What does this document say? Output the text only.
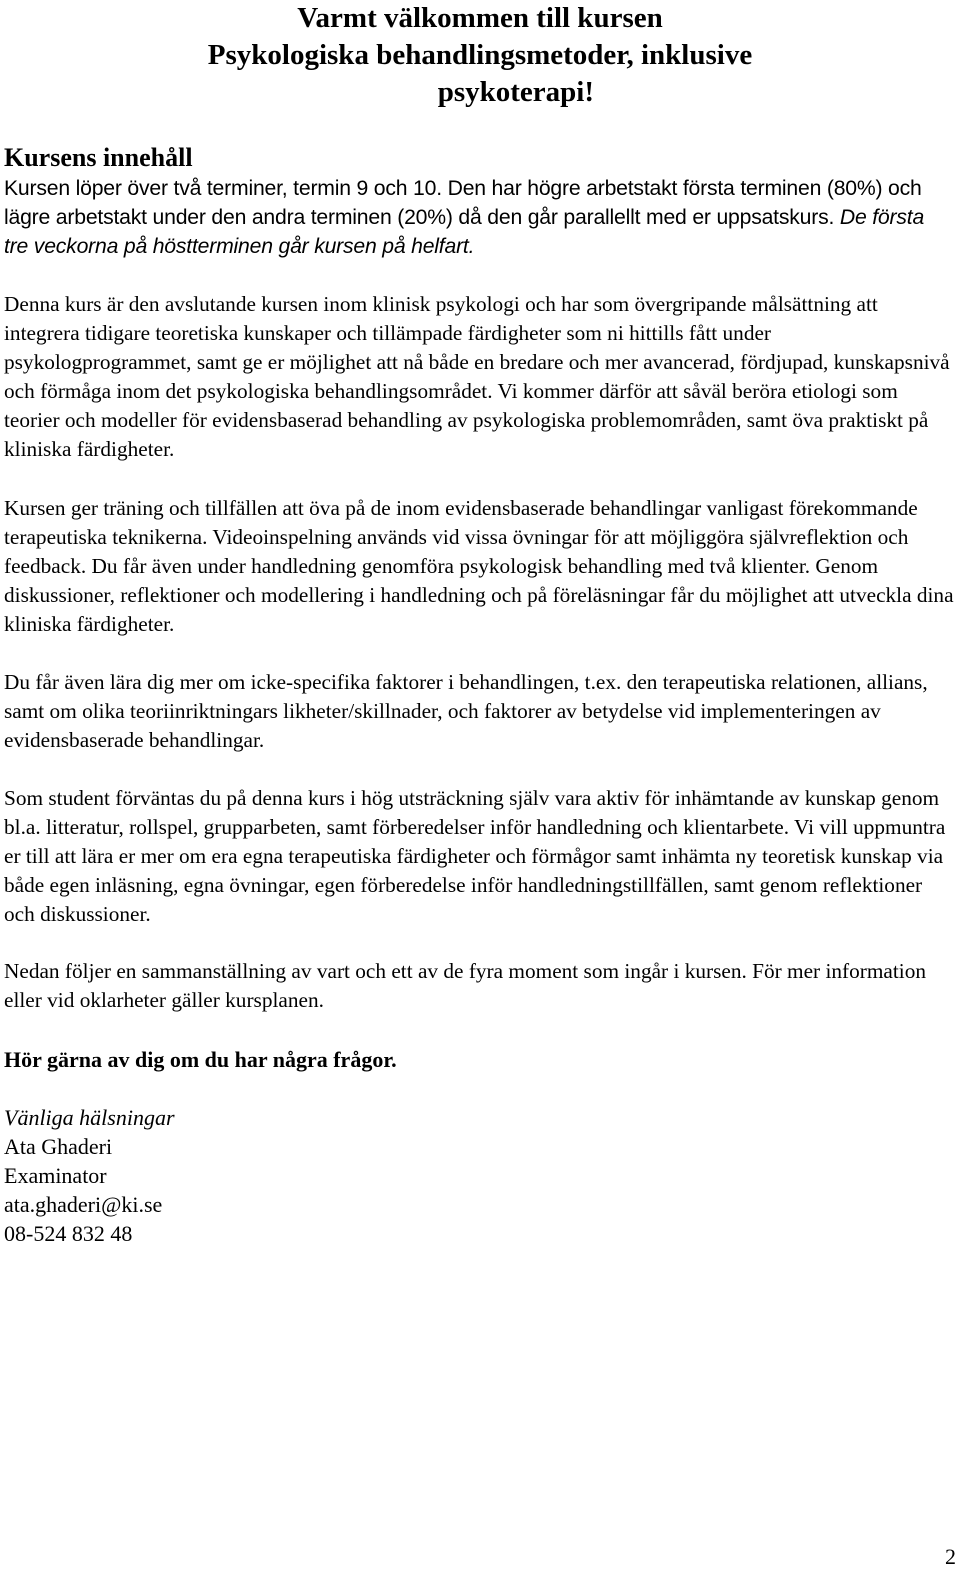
Varmt välkommen till kursen
Psykologiska behandlingsmetoder, inklusive
psykoterapi!
Kursens innehåll
Kursen löper över två terminer, termin 9 och 10. Den har högre arbetstakt första terminen (80%) och lägre arbetstakt under den andra terminen (20%) då den går parallellt med er uppsatskurs. De första tre veckorna på höstterminen går kursen på helfart.
Denna kurs är den avslutande kursen inom klinisk psykologi och har som övergripande målsättning att integrera tidigare teoretiska kunskaper och tillämpade färdigheter som ni hittills fått under psykologprogrammet, samt ge er möjlighet att nå både en bredare och mer avancerad, fördjupad, kunskapsnivå och förmåga inom det psykologiska behandlingsområdet. Vi kommer därför att såväl beröra etiologi som teorier och modeller för evidensbaserad behandling av psykologiska problemområden, samt öva praktiskt på kliniska färdigheter.
Kursen ger träning och tillfällen att öva på de inom evidensbaserade behandlingar vanligast förekommande terapeutiska teknikerna. Videoinspelning används vid vissa övningar för att möjliggöra självreflektion och feedback. Du får även under handledning genomföra psykologisk behandling med två klienter. Genom diskussioner, reflektioner och modellering i handledning och på föreläsningar får du möjlighet att utveckla dina kliniska färdigheter.
Du får även lära dig mer om icke-specifika faktorer i behandlingen, t.ex. den terapeutiska relationen, allians, samt om olika teoriinriktningars likheter/skillnader, och faktorer av betydelse vid implementeringen av evidensbaserade behandlingar.
Som student förväntas du på denna kurs i hög utsträckning själv vara aktiv för inhämtande av kunskap genom bl.a. litteratur, rollspel, grupparbeten, samt förberedelser inför handledning och klientarbete. Vi vill uppmuntra er till att lära er mer om era egna terapeutiska färdigheter och förmågor samt inhämta ny teoretisk kunskap via både egen inläsning, egna övningar, egen förberedelse inför handledningstillfällen, samt genom reflektioner och diskussioner.
Nedan följer en sammanställning av vart och ett av de fyra moment som ingår i kursen. För mer information eller vid oklarheter gäller kursplanen.
Hör gärna av dig om du har några frågor.
Vänliga hälsningar
Ata Ghaderi
Examinator
ata.ghaderi@ki.se
08-524 832 48
2
